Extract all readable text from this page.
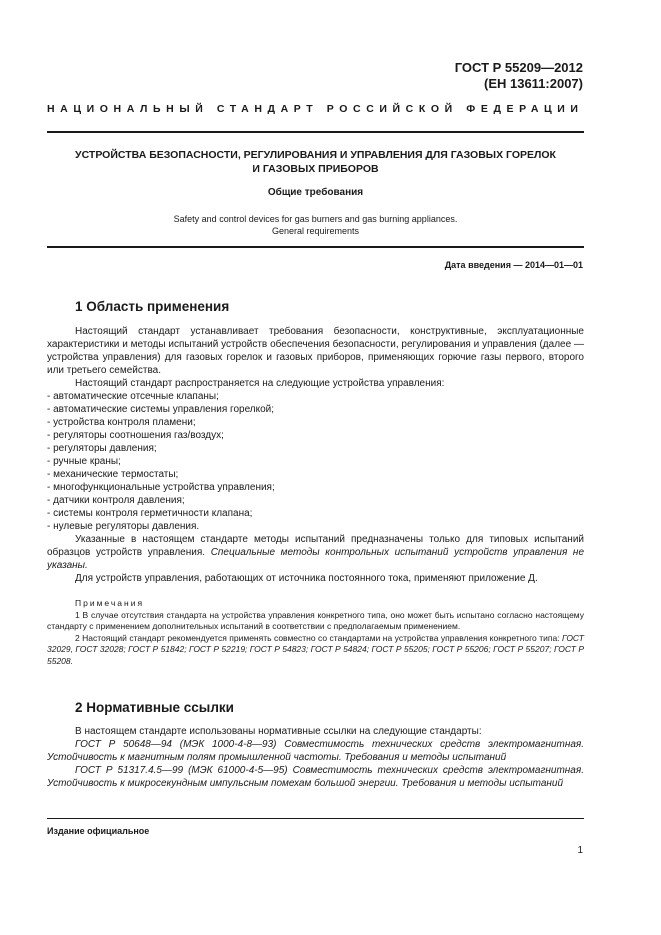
ГОСТ Р 55209—2012
(ЕН 13611:2007)
НАЦИОНАЛЬНЫЙ СТАНДАРТ РОССИЙСКОЙ ФЕДЕРАЦИИ
УСТРОЙСТВА БЕЗОПАСНОСТИ, РЕГУЛИРОВАНИЯ И УПРАВЛЕНИЯ ДЛЯ ГАЗОВЫХ ГОРЕЛОК
И ГАЗОВЫХ ПРИБОРОВ
Общие требования
Safety and control devices for gas burners and gas burning appliances.
General requirements
Дата введения — 2014—01—01
1 Область применения

Настоящий стандарт устанавливает требования безопасности, конструктивные, эксплуатационные характеристики и методы испытаний устройств обеспечения безопасности, регулирования и управления (далее — устройства управления) для газовых горелок и газовых приборов, применяющих горючие газы первого, второго или третьего семейства.

Настоящий стандарт распространяется на следующие устройства управления:

- автоматические отсечные клапаны;
- автоматические системы управления горелкой;
- устройства контроля пламени;
- регуляторы соотношения газ/воздух;
- регуляторы давления;
- ручные краны;
- механические термостаты;
- многофункциональные устройства управления;
- датчики контроля давления;
- системы контроля герметичности клапана;
- нулевые регуляторы давления.

Указанные в настоящем стандарте методы испытаний предназначены только для типовых испытаний образцов устройств управления. Специальные методы контрольных испытаний устройств управления не указаны.

Для устройств управления, работающих от источника постоянного тока, применяют приложение Д.

Примечания

1 В случае отсутствия стандарта на устройства управления конкретного типа, оно может быть испытано согласно настоящему стандарту с применением дополнительных испытаний в соответствии с предполагаемым применением.

2 Настоящий стандарт рекомендуется применять совместно со стандартами на устройства управления конкретного типа: ГОСТ 32029, ГОСТ 32028; ГОСТ Р 51842; ГОСТ Р 52219; ГОСТ Р 54823; ГОСТ Р 54824; ГОСТ Р 55205; ГОСТ Р 55206; ГОСТ Р 55207; ГОСТ Р 55208.

2 Нормативные ссылки

В настоящем стандарте использованы нормативные ссылки на следующие стандарты:

ГОСТ Р 50648—94 (МЭК 1000-4-8—93) Совместимость технических средств электромагнитная. Устойчивость к магнитным полям промышленной частоты. Требования и методы испытаний

ГОСТ Р 51317.4.5—99 (МЭК 61000-4-5—95) Совместимость технических средств электромагнитная. Устойчивость к микросекундным импульсным помехам большой энергии. Требования и методы испытаний

Издание официальное
1
